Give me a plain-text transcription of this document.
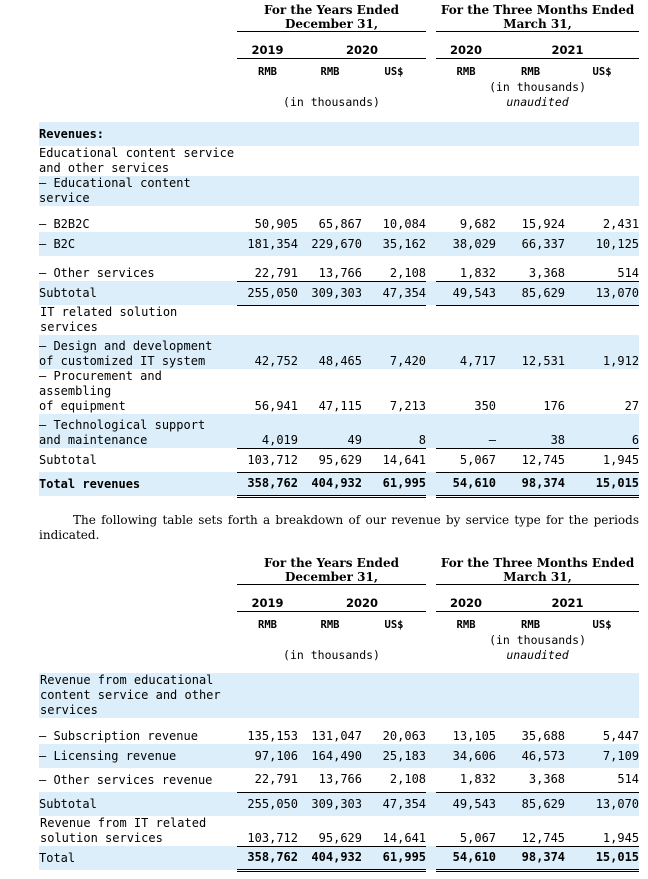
	For the Years Ended
December 31,				For the Three Months Ended
March 31,		

	2019	2020			2020	2021	
	RMB	RMB	US$		RMB	RMB	US$
	(in thousands)				(in thousands)
unaudited		

Revenues:							
Educational content service
and other services							
– Educational content
service							
– B2B2C	50,905	65,867	10,084		9,682	15,924	2,431
– B2C	181,354	229,670	35,162		38,029	66,337	10,125
– Other services	22,791	13,766	2,108		1,832	3,368	514
Subtotal	255,050	309,303	47,354		49,543	85,629	13,070
IT related solution
services							
– Design and development
of customized IT system	42,752	48,465	7,420		4,717	12,531	1,912
– Procurement and
assembling
of equipment	56,941	47,115	7,213		350	176	27
– Technological support
and maintenance	4,019	49	8		—	38	6
Subtotal	103,712	95,629	14,641		5,067	12,745	1,945
Total revenues	358,762	404,932	61,995		54,610	98,374	15,015

The following table sets forth a breakdown of our revenue by service type for the periods indicated.

	For the Years Ended
December 31,				For the Three Months Ended
March 31,		

	2019	2020			2020	2021	
	RMB	RMB	US$		RMB	RMB	US$
	(in thousands)				(in thousands)
unaudited		

Revenue from educational
content service and other
services							
– Subscription revenue	135,153	131,047	20,063		13,105	35,688	5,447
– Licensing revenue	97,106	164,490	25,183		34,606	46,573	7,109
– Other services revenue	22,791	13,766	2,108		1,832	3,368	514
Subtotal	255,050	309,303	47,354		49,543	85,629	13,070
Revenue from IT related
solution services	103,712	95,629	14,641		5,067	12,745	1,945
Total	358,762	404,932	61,995		54,610	98,374	15,015
